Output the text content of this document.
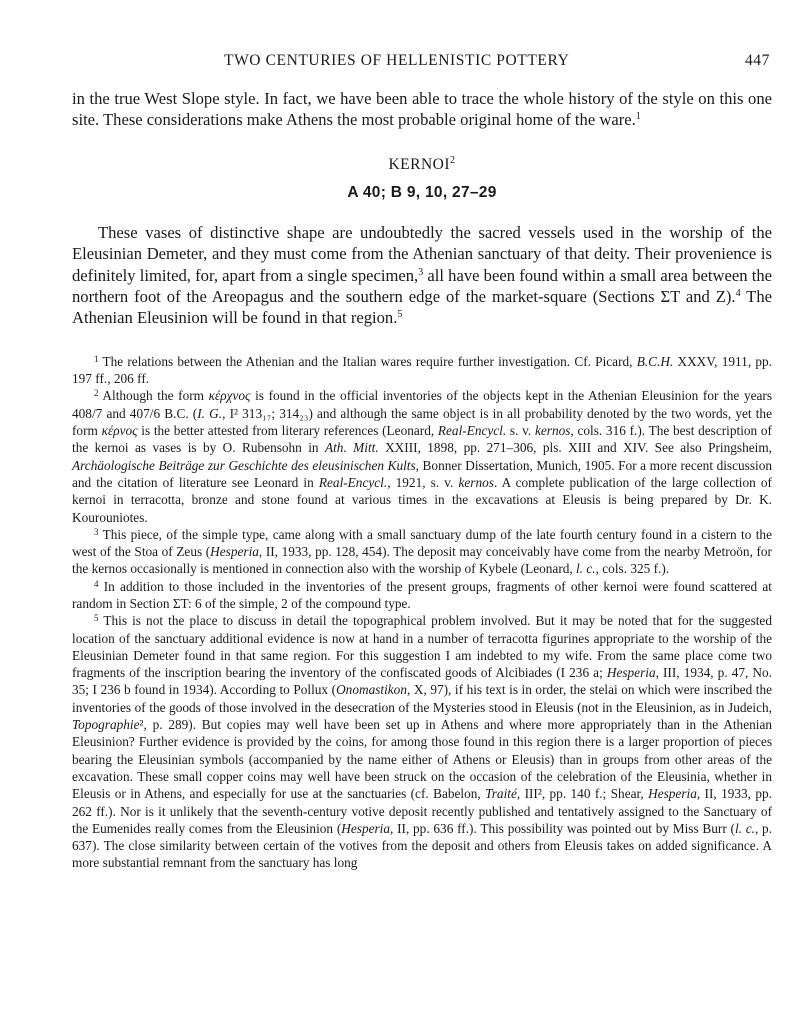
TWO CENTURIES OF HELLENISTIC POTTERY	447

in the true West Slope style. In fact, we have been able to trace the whole history of the style on this one site. These considerations make Athens the most probable original home of the ware.$^1$

KERNOI$^2$
A 40; B 9, 10, 27–29

These vases of distinctive shape are undoubtedly the sacred vessels used in the worship of the Eleusinian Demeter, and they must come from the Athenian sanctuary of that deity. Their provenience is definitely limited, for, apart from a single specimen,$^3$ all have been found within a small area between the northern foot of the Areopagus and the southern edge of the market-square (Sections ΣΤ and Ζ).$^4$ The Athenian Eleusinion will be found in that region.$^5$

$^1$ The relations between the Athenian and the Italian wares require further investigation. Cf. Picard, B.C.H. XXXV, 1911, pp. 197 ff., 206 ff.

$^2$ Although the form κέρχνος is found in the official inventories of the objects kept in the Athenian Eleusinion for the years 408/7 and 407/6 B.C. (I. G., I² 313₁₇; 314₂₃) and although the same object is in all probability denoted by the two words, yet the form κέρνος is the better attested from literary references (Leonard, Real-Encycl. s. v. kernos, cols. 316 f.). The best description of the kernoi as vases is by O. Rubensohn in Ath. Mitt. XXIII, 1898, pp. 271–306, pls. XIII and XIV. See also Pringsheim, Archäologische Beiträge zur Geschichte des eleusinischen Kults, Bonner Dissertation, Munich, 1905. For a more recent discussion and the citation of literature see Leonard in Real-Encycl., 1921, s. v. kernos. A complete publication of the large collection of kernoi in terracotta, bronze and stone found at various times in the excavations at Eleusis is being prepared by Dr. K. Kourouniotes.

$^3$ This piece, of the simple type, came along with a small sanctuary dump of the late fourth century found in a cistern to the west of the Stoa of Zeus (Hesperia, II, 1933, pp. 128, 454). The deposit may conceivably have come from the nearby Metroön, for the kernos occasionally is mentioned in connection also with the worship of Kybele (Leonard, l. c., cols. 325 f.).

$^4$ In addition to those included in the inventories of the present groups, fragments of other kernoi were found scattered at random in Section ΣΤ: 6 of the simple, 2 of the compound type.

$^5$ This is not the place to discuss in detail the topographical problem involved. But it may be noted that for the suggested location of the sanctuary additional evidence is now at hand in a number of terracotta figurines appropriate to the worship of the Eleusinian Demeter found in that same region. For this suggestion I am indebted to my wife. From the same place come two fragments of the inscription bearing the inventory of the confiscated goods of Alcibiades (I 236 a; Hesperia, III, 1934, p. 47, No. 35; I 236 b found in 1934). According to Pollux (Onomastikon, X, 97), if his text is in order, the stelai on which were inscribed the inventories of the goods of those involved in the desecration of the Mysteries stood in Eleusis (not in the Eleusinion, as in Judeich, Topographie², p. 289). But copies may well have been set up in Athens and where more appropriately than in the Athenian Eleusinion? Further evidence is provided by the coins, for among those found in this region there is a larger proportion of pieces bearing the Eleusinian symbols (accompanied by the name either of Athens or Eleusis) than in groups from other areas of the excavation. These small copper coins may well have been struck on the occasion of the celebration of the Eleusinia, whether in Eleusis or in Athens, and especially for use at the sanctuaries (cf. Babelon, Traité, III², pp. 140 f.; Shear, Hesperia, II, 1933, pp. 262 ff.). Nor is it unlikely that the seventh-century votive deposit recently published and tentatively assigned to the Sanctuary of the Eumenides really comes from the Eleusinion (Hesperia, II, pp. 636 ff.). This possibility was pointed out by Miss Burr (l. c., p. 637). The close similarity between certain of the votives from the deposit and others from Eleusis takes on added significance. A more substantial remnant from the sanctuary has long
